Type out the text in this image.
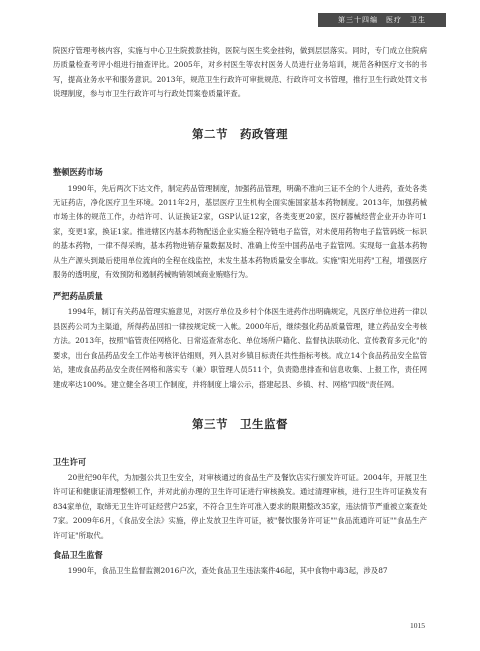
第三十四编　医疗　卫生

院医疗管理考核内容，实施与中心卫生院拨款挂钩，医院与医生奖金挂钩，做到层层落实。同时，专门成立住院病历质量检查考评小组进行抽查评比。2005年，对乡村医生等农村医务人员进行业务培训，规范各种医疗文书的书写，提高业务水平和服务意识。2013年，规范卫生行政许可审批规范、行政许可文书管理，推行卫生行政处罚文书说理制度，参与市卫生行政许可与行政处罚案卷质量评查。

第二节　药政管理
整顿医药市场

1990年，先后两次下达文件，制定药品管理制度，加强药品管理，明确不准向三证不全的个人进药，查处各类无证药店，净化医疗卫生环境。2011年2月，基层医疗卫生机构全面实施国家基本药物制度。2013年，加强药械市场主体的规范工作，办结许可、认证换证2家，GSP认证12家，各类变更20家，医疗器械经营企业开办许可1家，变更1家，换证1家。推进辖区内基本药物配送企业实施全程冷链电子监管，对未使用药物电子监管码统一标识的基本药物，一律不得采购，基本药物进销存量数据及时、准确上传至中国药品电子监管网。实现每一盒基本药物从生产源头到最后使用单位流向的全程在线监控，未发生基本药物质量安全事故。实施"阳光用药"工程，增强医疗服务的透明度，有效预防和遏制药械购销领域商业贿赂行为。

严把药品质量

1994年，制订有关药品管理实施意见，对医疗单位及乡村个体医生进药作出明确规定，凡医疗单位进药一律以县医药公司为主渠道，所得药品回扣一律按规定统一入帐。2000年后，继续强化药品质量管理，建立药品安全考核方法。2013年，按照"临管责任网格化、日常巡查常态化、单位场所户籍化、监督执法联动化、宣传教育多元化"的要求，出台食品药品安全工作站考核评估细则，列入县对乡镇目标责任共性指标考核。成立14个食品药品安全监管站，建成食品药品安全责任网格和落实专（兼）职管理人员511个，负责隐患排查和信息收集、上报工作，责任网建成率达100%。建立健全各项工作制度，并将制度上墙公示，搭建起县、乡镇、村、网格"四级"责任网。

第三节　卫生监督
卫生许可

20世纪90年代，为加强公共卫生安全，对审核通过的食品生产及餐饮店实行颁发许可证。2004年，开展卫生许可证和健康证清理整顿工作，并对此前办理的卫生许可证进行审核换发。通过清理审核，进行卫生许可证换发有834家单位，取缔无卫生许可证经营户25家，不符合卫生许可准入要求的限期整改35家，违法情节严重被立案查处7家。2009年6月，《食品安全法》实施，停止发放卫生许可证，被"餐饮服务许可证""食品流通许可证""食品生产许可证"所取代。

食品卫生监督

1990年，食品卫生监督监测2016户次，查处食品卫生违法案件46起，其中食物中毒3起，涉及87

1015
